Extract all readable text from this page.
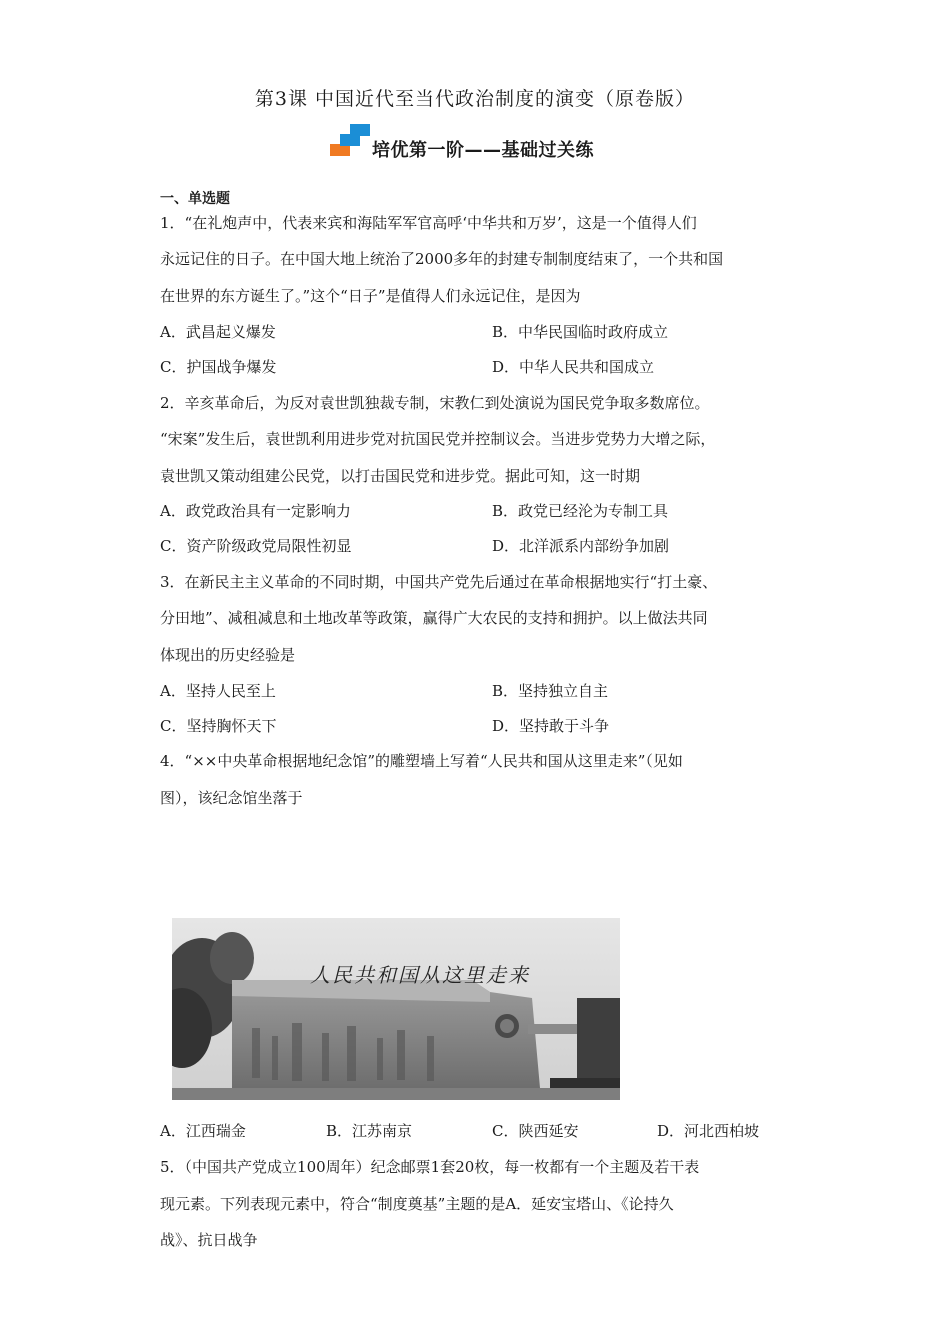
第3课 中国近代至当代政治制度的演变（原卷版）
培优第一阶——基础过关练
一、单选题
1．“在礼炮声中，代表来宾和海陆军军官高呼‘中华共和万岁’，这是一个值得人们
永远记住的日子。在中国大地上统治了2000多年的封建专制制度结束了，一个共和国
在世界的东方诞生了。”这个“日子”是值得人们永远记住，是因为
A．武昌起义爆发	B．中华民国临时政府成立
C．护国战争爆发	D．中华人民共和国成立
2．辛亥革命后，为反对袁世凯独裁专制，宋教仁到处演说为国民党争取多数席位。
“宋案”发生后，袁世凯利用进步党对抗国民党并控制议会。当进步党势力大增之际，
袁世凯又策动组建公民党，以打击国民党和进步党。据此可知，这一时期
A．政党政治具有一定影响力	B．政党已经沦为专制工具
C．资产阶级政党局限性初显	D．北洋派系内部纷争加剧
3．在新民主主义革命的不同时期，中国共产党先后通过在革命根据地实行“打土豪、
分田地”、减租减息和土地改革等政策，赢得广大农民的支持和拥护。以上做法共同
体现出的历史经验是
A．坚持人民至上	B．坚持独立自主
C．坚持胸怀天下	D．坚持敢于斗争
4．“××中央革命根据地纪念馆”的雕塑墙上写着“人民共和国从这里走来”（见如
图），该纪念馆坐落于
人民共和国从这里走来
A．江西瑞金	B．江苏南京	C．陕西延安	D．河北西柏坡
5．（中国共产党成立100周年）纪念邮票1套20枚，每一枚都有一个主题及若干表
现元素。下列表现元素中，符合“制度奠基”主题的是A．延安宝塔山、《论持久
战》、抗日战争
